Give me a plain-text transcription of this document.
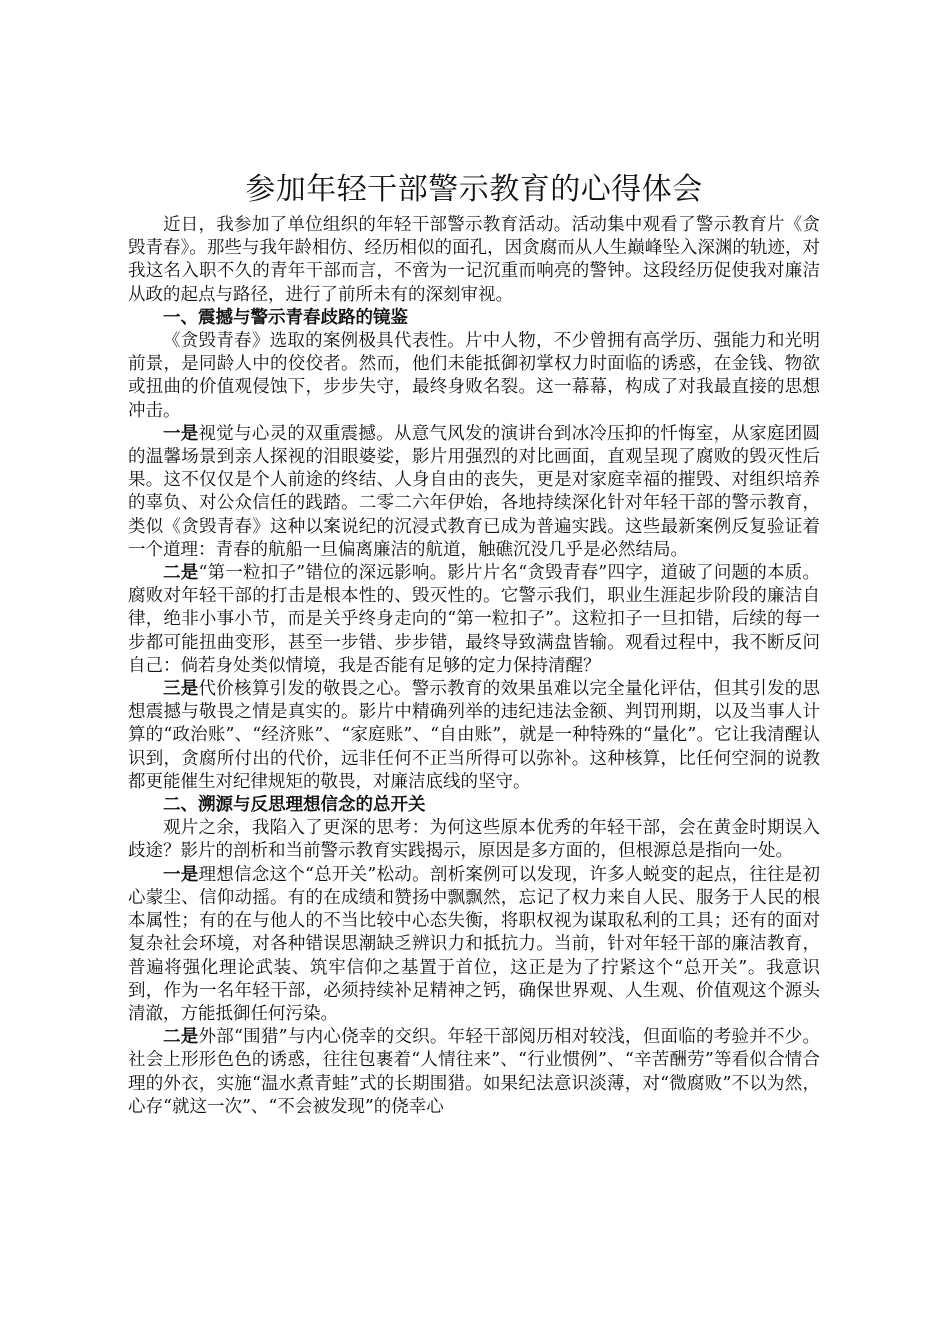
参加年轻干部警示教育的心得体会

近日，我参加了单位组织的年轻干部警示教育活动。活动集中观看了警示教育片《贪毁青春》。那些与我年龄相仿、经历相似的面孔，因贪腐而从人生巅峰坠入深渊的轨迹，对我这名入职不久的青年干部而言，不啻为一记沉重而响亮的警钟。这段经历促使我对廉洁从政的起点与路径，进行了前所未有的深刻审视。

一、震撼与警示青春歧路的镜鉴

《贪毁青春》选取的案例极具代表性。片中人物，不少曾拥有高学历、强能力和光明前景，是同龄人中的佼佼者。然而，他们未能抵御初掌权力时面临的诱惑，在金钱、物欲或扭曲的价值观侵蚀下，步步失守，最终身败名裂。这一幕幕，构成了对我最直接的思想冲击。

一是视觉与心灵的双重震撼。从意气风发的演讲台到冰冷压抑的忏悔室，从家庭团圆的温馨场景到亲人探视的泪眼婆娑，影片用强烈的对比画面，直观呈现了腐败的毁灭性后果。这不仅仅是个人前途的终结、人身自由的丧失，更是对家庭幸福的摧毁、对组织培养的辜负、对公众信任的践踏。二零二六年伊始，各地持续深化针对年轻干部的警示教育，类似《贪毁青春》这种以案说纪的沉浸式教育已成为普遍实践。这些最新案例反复验证着一个道理：青春的航船一旦偏离廉洁的航道，触礁沉没几乎是必然结局。

二是“第一粒扣子”错位的深远影响。影片片名“贪毁青春”四字，道破了问题的本质。腐败对年轻干部的打击是根本性的、毁灭性的。它警示我们，职业生涯起步阶段的廉洁自律，绝非小事小节，而是关乎终身走向的“第一粒扣子”。这粒扣子一旦扣错，后续的每一步都可能扭曲变形，甚至一步错、步步错，最终导致满盘皆输。观看过程中，我不断反问自己：倘若身处类似情境，我是否能有足够的定力保持清醒？

三是代价核算引发的敬畏之心。警示教育的效果虽难以完全量化评估，但其引发的思想震撼与敬畏之情是真实的。影片中精确列举的违纪违法金额、判罚刑期，以及当事人计算的“政治账”、“经济账”、“家庭账”、“自由账”，就是一种特殊的“量化”。它让我清醒认识到，贪腐所付出的代价，远非任何不正当所得可以弥补。这种核算，比任何空洞的说教都更能催生对纪律规矩的敬畏，对廉洁底线的坚守。

二、溯源与反思理想信念的总开关

观片之余，我陷入了更深的思考：为何这些原本优秀的年轻干部，会在黄金时期误入歧途？影片的剖析和当前警示教育实践揭示，原因是多方面的，但根源总是指向一处。

一是理想信念这个“总开关”松动。剖析案例可以发现，许多人蜕变的起点，往往是初心蒙尘、信仰动摇。有的在成绩和赞扬中飘飘然，忘记了权力来自人民、服务于人民的根本属性；有的在与他人的不当比较中心态失衡，将职权视为谋取私利的工具；还有的面对复杂社会环境，对各种错误思潮缺乏辨识力和抵抗力。当前，针对年轻干部的廉洁教育，普遍将强化理论武装、筑牢信仰之基置于首位，这正是为了拧紧这个“总开关”。我意识到，作为一名年轻干部，必须持续补足精神之钙，确保世界观、人生观、价值观这个源头清澈，方能抵御任何污染。

二是外部“围猎”与内心侥幸的交织。年轻干部阅历相对较浅，但面临的考验并不少。社会上形形色色的诱惑，往往包裹着“人情往来”、“行业惯例”、“辛苦酬劳”等看似合情合理的外衣，实施“温水煮青蛙”式的长期围猎。如果纪法意识淡薄，对“微腐败”不以为然，心存“就这一次”、“不会被发现”的侥幸心
